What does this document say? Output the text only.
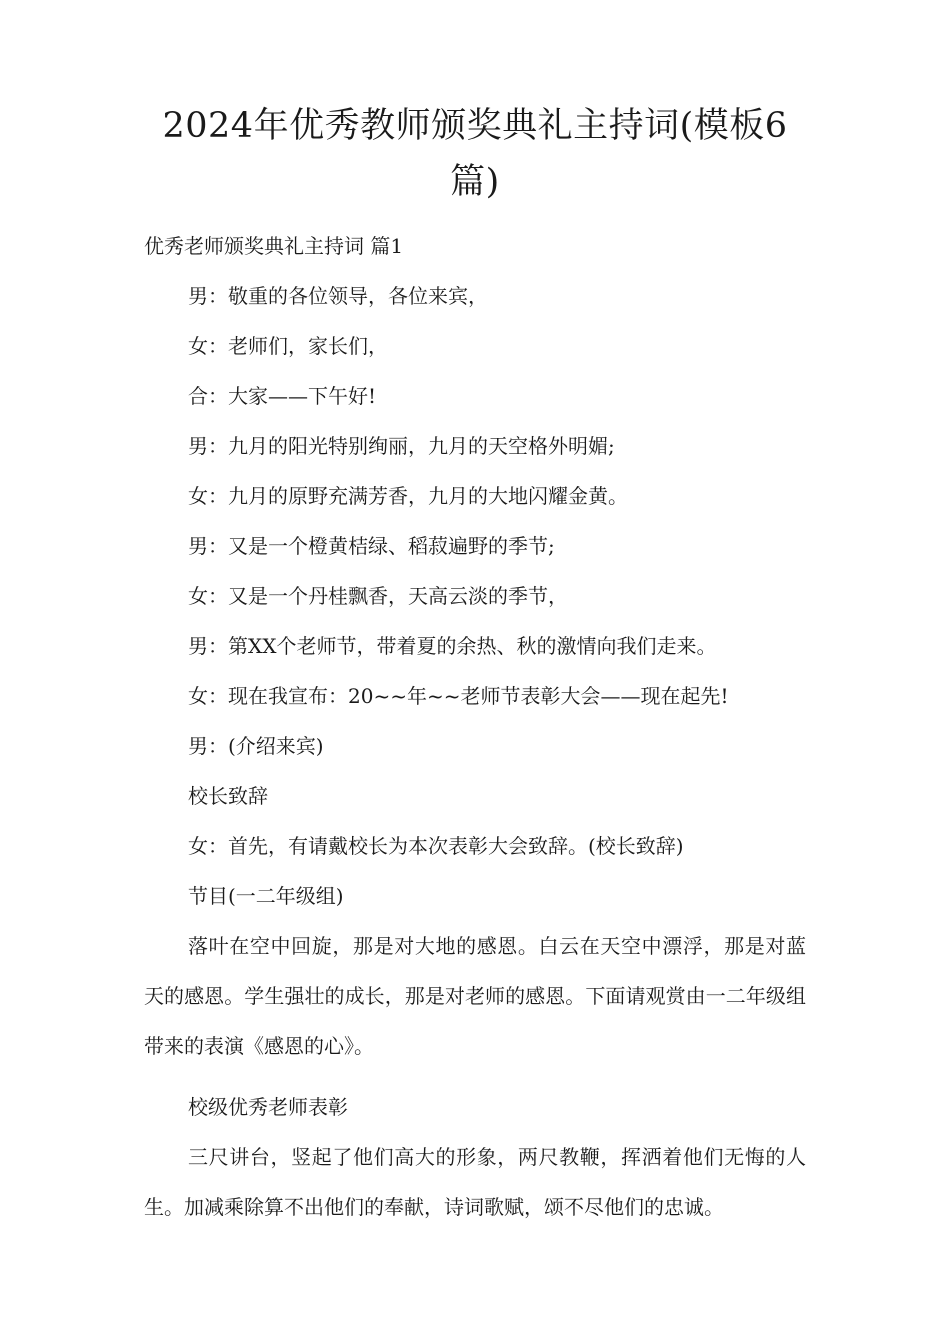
2024年优秀教师颁奖典礼主持词(模板6篇)

优秀老师颁奖典礼主持词 篇1

男：敬重的各位领导，各位来宾，

女：老师们，家长们，

合：大家——下午好!

男：九月的阳光特别绚丽，九月的天空格外明媚;

女：九月的原野充满芳香，九月的大地闪耀金黄。

男：又是一个橙黄桔绿、稻菽遍野的季节;

女：又是一个丹桂飘香，天高云淡的季节，

男：第XX个老师节，带着夏的余热、秋的激情向我们走来。

女：现在我宣布：20~~年~~老师节表彰大会——现在起先!

男：(介绍来宾)

校长致辞

女：首先，有请戴校长为本次表彰大会致辞。(校长致辞)

节目(一二年级组)

落叶在空中回旋，那是对大地的感恩。白云在天空中漂浮，那是对蓝天的感恩。学生强壮的成长，那是对老师的感恩。下面请观赏由一二年级组带来的表演《感恩的心》。

校级优秀老师表彰

三尺讲台，竖起了他们高大的形象，两尺教鞭，挥洒着他们无悔的人生。加减乘除算不出他们的奉献，诗词歌赋，颂不尽他们的忠诚。
